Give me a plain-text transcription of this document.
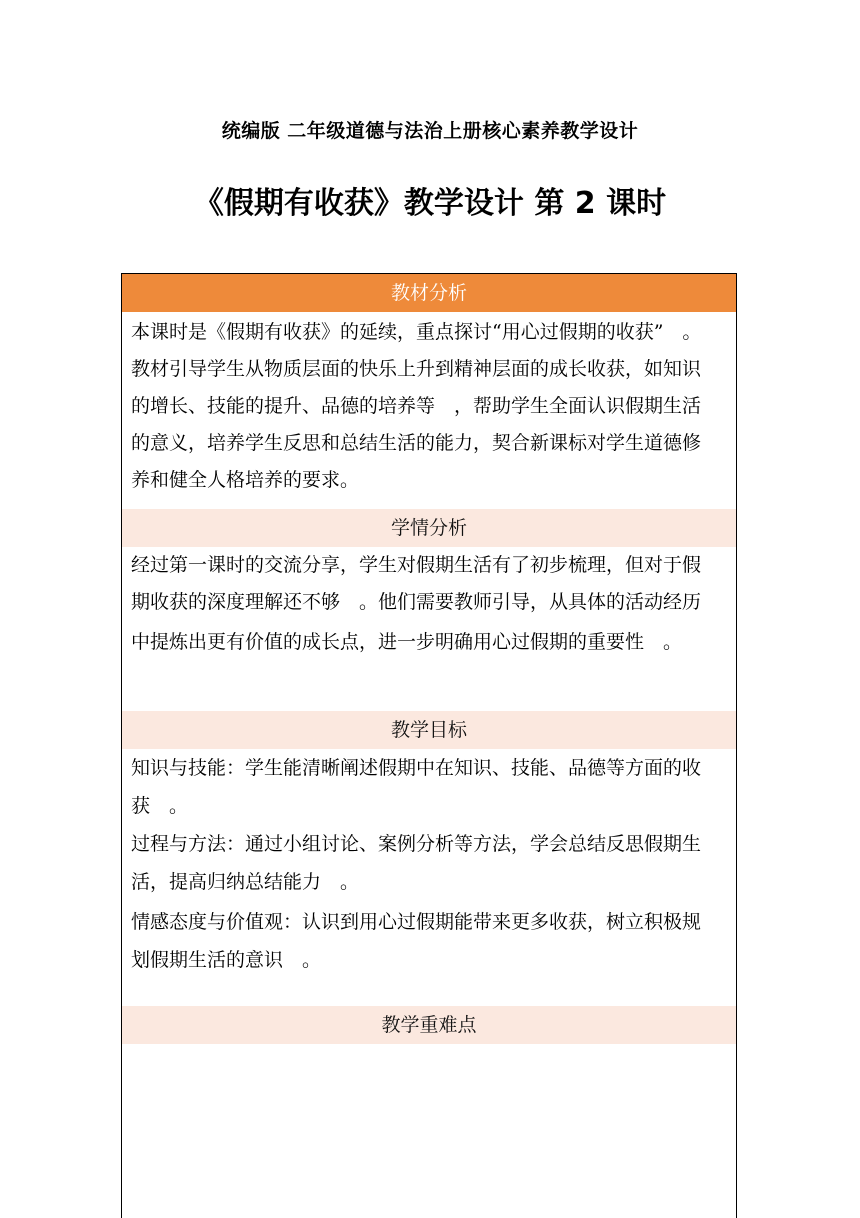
统编版 二年级道德与法治上册核心素养教学设计
《假期有收获》教学设计 第 2 课时
教材分析
本课时是《假期有收获》的延续，重点探讨“用心过假期的收获”　。
教材引导学生从物质层面的快乐上升到精神层面的成长收获，如知识
的增长、技能的提升、品德的培养等　，帮助学生全面认识假期生活
的意义，培养学生反思和总结生活的能力，契合新课标对学生道德修
养和健全人格培养的要求。
学情分析
经过第一课时的交流分享，学生对假期生活有了初步梳理，但对于假
期收获的深度理解还不够　。他们需要教师引导，从具体的活动经历
中提炼出更有价值的成长点，进一步明确用心过假期的重要性　。
教学目标
知识与技能：学生能清晰阐述假期中在知识、技能、品德等方面的收
获　。
过程与方法：通过小组讨论、案例分析等方法，学会总结反思假期生
活，提高归纳总结能力　。
情感态度与价值观：认识到用心过假期能带来更多收获，树立积极规
划假期生活的意识　。
教学重难点
